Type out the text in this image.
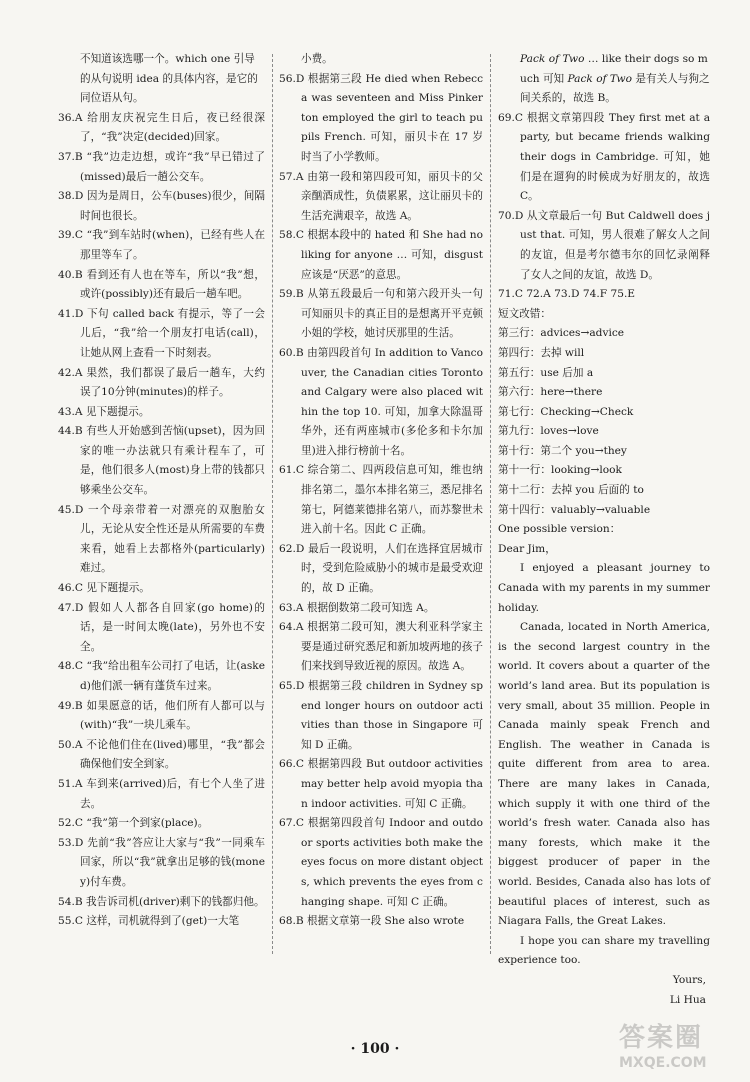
不知道该选哪一个。which one 引导的从句说明 idea 的具体内容，是它的同位语从句。

36.A 给朋友庆祝完生日后，夜已经很深了，“我”决定(decided)回家。

37.B “我”边走边想，或许“我”早已错过了(missed)最后一趟公交车。

38.D 因为是周日，公车(buses)很少，间隔时间也很长。

39.C “我”到车站时(when)，已经有些人在那里等车了。

40.B 看到还有人也在等车，所以“我”想，或许(possibly)还有最后一趟车吧。

41.D 下句 called back 有提示，等了一会儿后，“我”给一个朋友打电话(call)，让她从网上查看一下时刻表。

42.A 果然，我们都误了最后一趟车，大约误了10分钟(minutes)的样子。

43.A 见下题提示。

44.B 有些人开始感到苦恼(upset)，因为回家的唯一办法就只有乘计程车了，可是，他们很多人(most)身上带的钱都只够乘坐公交车。

45.D 一个母亲带着一对漂亮的双胞胎女儿，无论从安全性还是从所需要的车费来看，她看上去都格外(particularly)难过。

46.C 见下题提示。

47.D 假如人人都各自回家(go home)的话，是一时间太晚(late)，另外也不安全。

48.C “我”给出租车公司打了电话，让(asked)他们派一辆有蓬货车过来。

49.B 如果愿意的话，他们所有人都可以与(with)“我”一块儿乘车。

50.A 不论他们住在(lived)哪里，“我”都会确保他们安全到家。

51.A 车到来(arrived)后，有七个人坐了进去。

52.C “我”第一个到家(place)。

53.D 先前“我”答应让大家与“我”一同乘车回家，所以“我”就拿出足够的钱(money)付车费。

54.B 我告诉司机(driver)剩下的钱都归他。

55.C 这样，司机就得到了(get)一大笔

小费。

56.D 根据第三段 He died when Rebecca was seventeen and Miss Pinkerton employed the girl to teach pupils French. 可知，丽贝卡在 17 岁时当了小学教师。

57.A 由第一段和第四段可知，丽贝卡的父亲酗酒成性，负债累累，这让丽贝卡的生活充满艰辛，故选 A。

58.C 根据本段中的 hated 和 She had no liking for anyone … 可知，disgust 应该是“厌恶”的意思。

59.B 从第五段最后一句和第六段开头一句可知丽贝卡的真正目的是想离开平克顿小姐的学校，她讨厌那里的生活。

60.B 由第四段首句 In addition to Vancouver, the Canadian cities Toronto and Calgary were also placed within the top 10. 可知，加拿大除温哥华外，还有两座城市(多伦多和卡尔加里)进入排行榜前十名。

61.C 综合第二、四两段信息可知，维也纳排名第二，墨尔本排名第三，悉尼排名第七，阿德莱德排名第八，而苏黎世未进入前十名。因此 C 正确。

62.D 最后一段说明，人们在选择宜居城市时，受到危险威胁小的城市是最受欢迎的，故 D 正确。

63.A 根据倒数第二段可知选 A。

64.A 根据第二段可知，澳大利亚科学家主要是通过研究悉尼和新加坡两地的孩子们来找到导致近视的原因。故选 A。

65.D 根据第三段 children in Sydney spend longer hours on outdoor activities than those in Singapore 可知 D 正确。

66.C 根据第四段 But outdoor activities may better help avoid myopia than indoor activities. 可知 C 正确。

67.C 根据第四段首句 Indoor and outdoor sports activities both make the eyes focus on more distant objects, which prevents the eyes from changing shape. 可知 C 正确。

68.B 根据文章第一段 She also wrote

Pack of Two … like their dogs so much 可知 Pack of Two 是有关人与狗之间关系的，故选 B。

69.C 根据文章第四段 They first met at a party, but became friends walking their dogs in Cambridge. 可知，她们是在遛狗的时候成为好朋友的，故选 C。

70.D 从文章最后一句 But Caldwell does just that. 可知，男人很难了解女人之间的友谊，但是考尔德韦尔的回忆录阐释了女人之间的友谊，故选 D。

71.C 72.A 73.D 74.F 75.E

短文改错：

第三行：advices→advice

第四行：去掉 will

第五行：use 后加 a

第六行：here→there

第七行：Checking→Check

第九行：loves→love

第十行：第二个 you→they

第十一行：looking→look

第十二行：去掉 you 后面的 to

第十四行：valuably→valuable

One possible version：

Dear Jim，

I enjoyed a pleasant journey to Canada with my parents in my summer holiday.

Canada, located in North America, is the second largest country in the world. It covers about a quarter of the world’s land area. But its population is very small, about 35 million. People in Canada mainly speak French and English. The weather in Canada is quite different from area to area. There are many lakes in Canada, which supply it with one third of the world’s fresh water. Canada also has many forests, which make it the biggest producer of paper in the world. Besides, Canada also has lots of beautiful places of interest, such as Niagara Falls, the Great Lakes.

I hope you can share my travelling experience too.

Yours,

Li Hua

· 100 ·	答案圈
MXQE.COM
